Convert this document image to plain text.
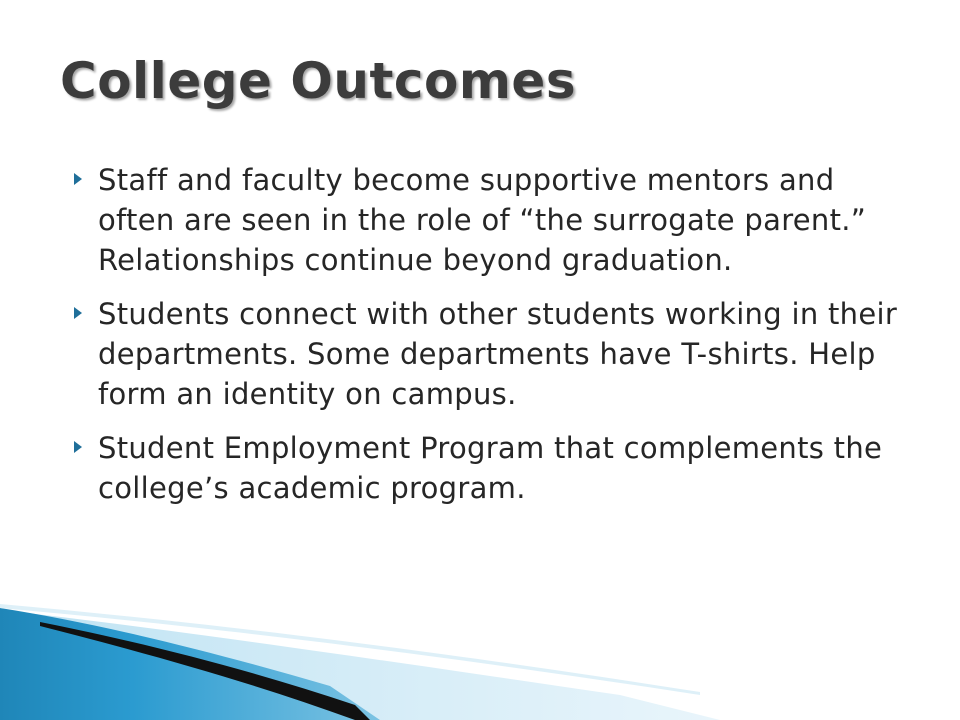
College Outcomes
Staff and faculty become supportive mentors and often are seen in the role of “the surrogate parent.” Relationships continue beyond graduation.
Students connect with other students working in their departments. Some departments have T-shirts. Help form an identity on campus.
Student Employment Program that complements the college’s academic program.
